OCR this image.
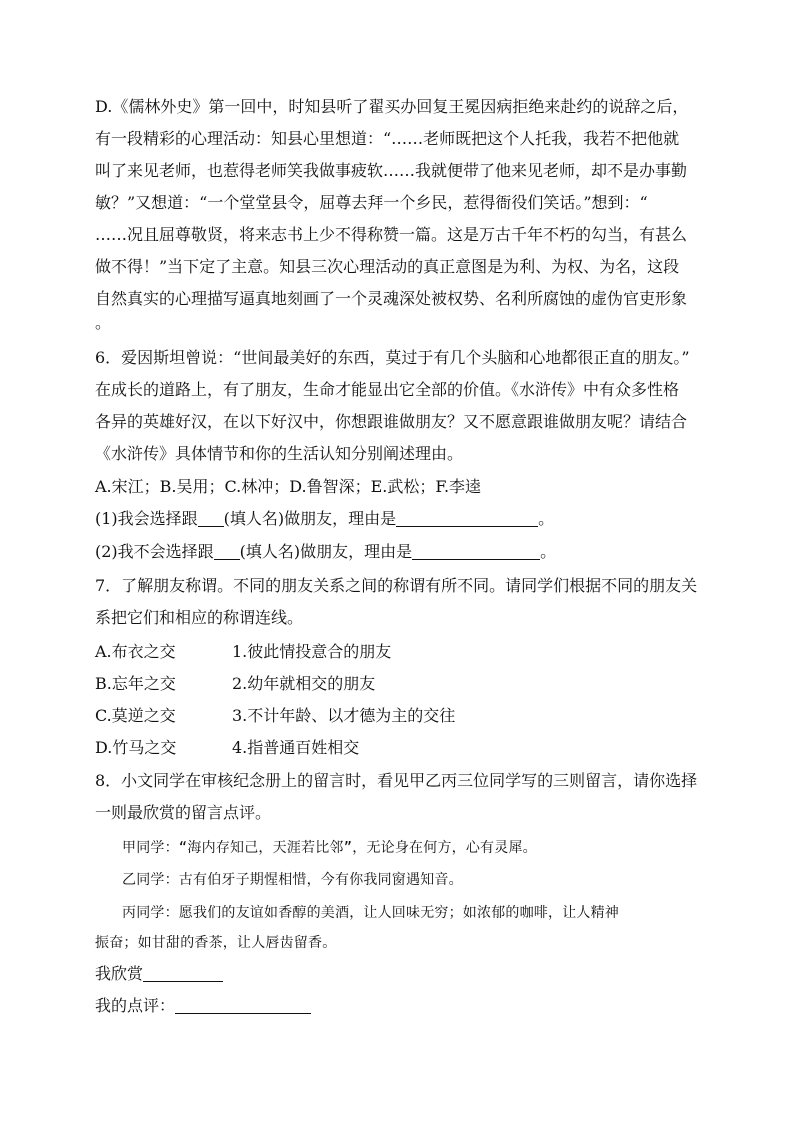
D.《儒林外史》第一回中，时知县听了翟买办回复王冕因病拒绝来赴约的说辞之后，
有一段精彩的心理活动：知县心里想道：“……老师既把这个人托我，我若不把他就
叫了来见老师，也惹得老师笑我做事疲软……我就便带了他来见老师，却不是办事勤
敏？”又想道：“一个堂堂县令，屈尊去拜一个乡民，惹得衙役们笑话。”想到：“
……况且屈尊敬贤，将来志书上少不得称赞一篇。这是万古千年不朽的勾当，有甚么
做不得！”当下定了主意。知县三次心理活动的真正意图是为利、为权、为名，这段
自然真实的心理描写逼真地刻画了一个灵魂深处被权势、名利所腐蚀的虚伪官吏形象
。
6．爱因斯坦曾说：“世间最美好的东西，莫过于有几个头脑和心地都很正直的朋友。”
在成长的道路上，有了朋友，生命才能显出它全部的价值。《水浒传》中有众多性格
各异的英雄好汉，在以下好汉中，你想跟谁做朋友？又不愿意跟谁做朋友呢？请结合
《水浒传》具体情节和你的生活认知分别阐述理由。
A.宋江；B.吴用；C.林冲；D.鲁智深；E.武松；F.李逵
(1)我会选择跟 (填人名)做朋友，理由是	。
(2)我不会选择跟 (填人名)做朋友，理由是	。
7．了解朋友称谓。不同的朋友关系之间的称谓有所不同。请同学们根据不同的朋友关
系把它们和相应的称谓连线。
A.布衣之交	1.彼此情投意合的朋友
B.忘年之交	2.幼年就相交的朋友
C.莫逆之交	3.不计年龄、以才德为主的交往
D.竹马之交	4.指普通百姓相交
8．小文同学在审核纪念册上的留言时，看见甲乙丙三位同学写的三则留言，请你选择
一则最欣赏的留言点评。
甲同学：“海内存知己，天涯若比邻”，无论身在何方，心有灵犀。
乙同学：古有伯牙子期惺相惜，今有你我同窗遇知音。
丙同学：愿我们的友谊如香醇的美酒，让人回味无穷；如浓郁的咖啡，让人精神
振奋；如甘甜的香茶，让人唇齿留香。
我欣赏
我的点评：
